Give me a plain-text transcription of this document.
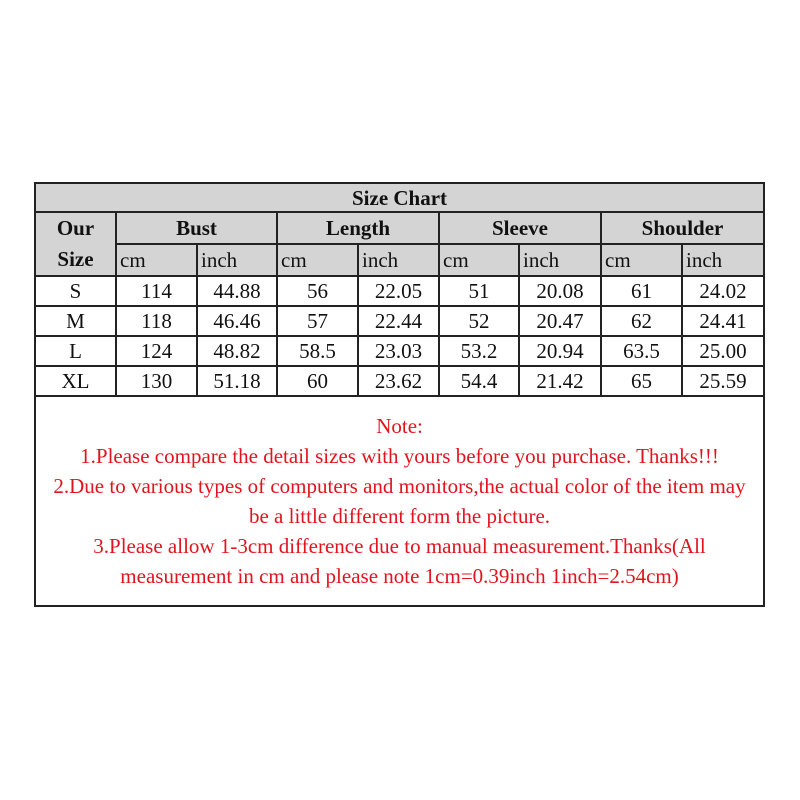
Size Chart								
Our
Size	Bust		Length		Sleeve		Shoulder	
	cm	inch	cm	inch	cm	inch	cm	inch
S	114	44.88	56	22.05	51	20.08	61	24.02
M	118	46.46	57	22.44	52	20.47	62	24.41
L	124	48.82	58.5	23.03	53.2	20.94	63.5	25.00
XL	130	51.18	60	23.62	54.4	21.42	65	25.59

Note:
1.Please compare the detail sizes with yours before you purchase. Thanks!!!
2.Due to various types of computers and monitors,the actual color of the item may be a little different form the picture.
3.Please allow 1-3cm difference due to manual measurement.Thanks(All measurement in cm and please note 1cm=0.39inch 1inch=2.54cm)								
